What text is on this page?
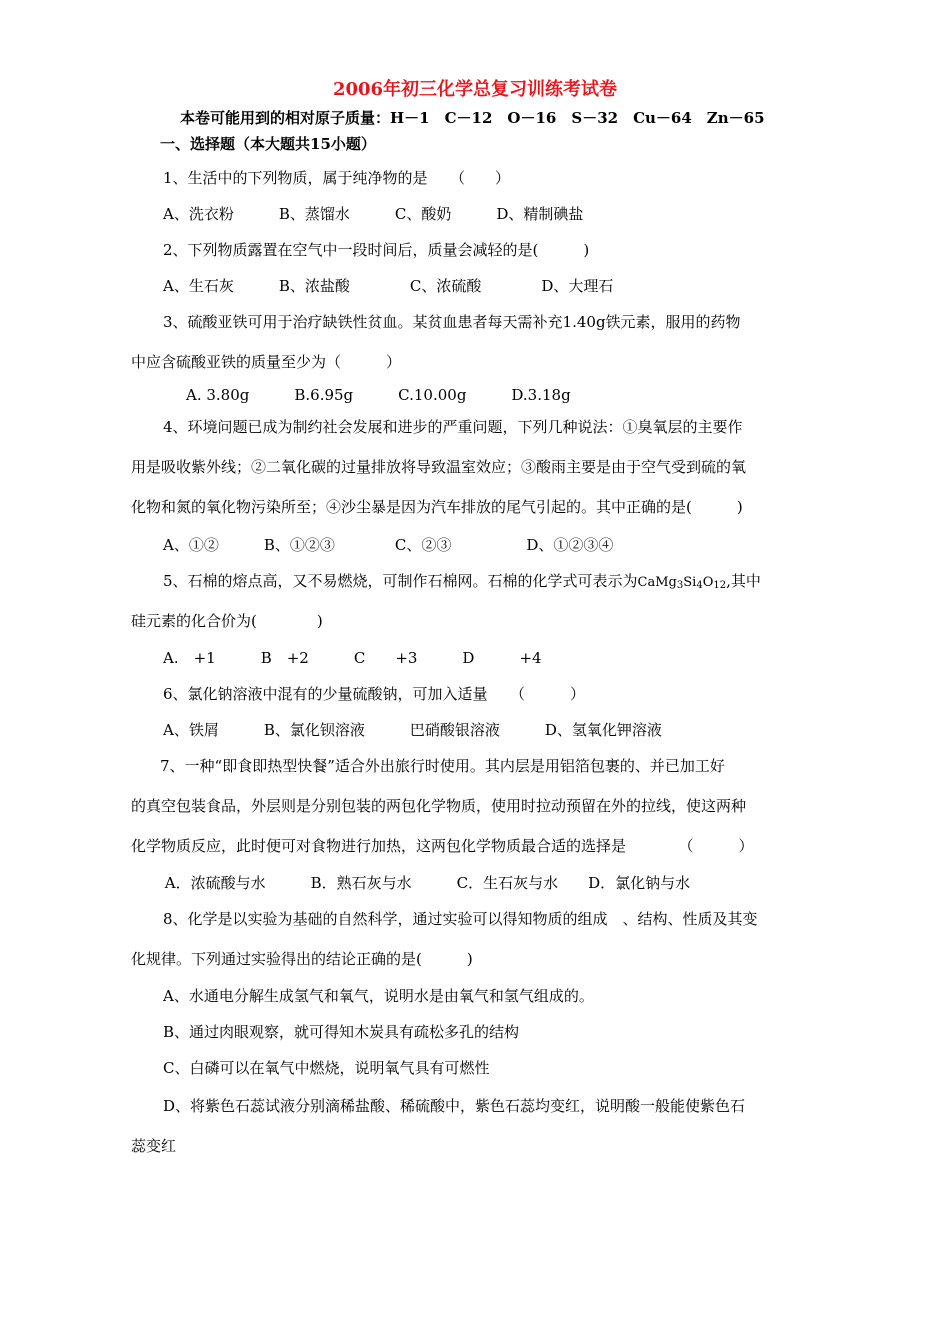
2006年初三化学总复习训练考试卷
本卷可能用到的相对原子质量：H－1　C－12　O－16　S－32　Cu－64　Zn－65
一、选择题（本大题共15小题）
1、生活中的下列物质，属于纯净物的是　　（　　）
A、洗衣粉　　　B、蒸馏水　　　C、酸奶　　　D、精制碘盐
2、下列物质露置在空气中一段时间后，质量会减轻的是(　　　)
A、生石灰　　　B、浓盐酸　　　　C、浓硫酸　　　　D、大理石
3、硫酸亚铁可用于治疗缺铁性贫血。某贫血患者每天需补充1.40g铁元素，服用的药物
中应含硫酸亚铁的质量至少为（　　　）
A. 3.80g　　　B.6.95g　　　C.10.00g　　　D.3.18g
4、环境问题已成为制约社会发展和进步的严重问题，下列几种说法：①臭氧层的主要作
用是吸收紫外线；②二氧化碳的过量排放将导致温室效应；③酸雨主要是由于空气受到硫的氧
化物和氮的氧化物污染所至；④沙尘暴是因为汽车排放的尾气引起的。其中正确的是(　　　)
A、①②　　　B、①②③　　　　C、②③　　　　　D、①②③④
5、石棉的熔点高，又不易燃烧，可制作石棉网。石棉的化学式可表示为$CaMg_3Si_4O_{12}$,其中
硅元素的化合价为(　　　　)
A.　+1　　　B　+2　　　C　　+3　　　D　　　+4
6、氯化钠溶液中混有的少量硫酸钠，可加入适量　　（　　　）
A、铁屑　　　B、氯化钡溶液　　　巴硝酸银溶液　　　D、氢氧化钾溶液
7、一种“即食即热型快餐”适合外出旅行时使用。其内层是用铝箔包裹的、并已加工好
的真空包装食品，外层则是分别包装的两包化学物质，使用时拉动预留在外的拉线，使这两种
化学物质反应，此时便可对食物进行加热，这两包化学物质最合适的选择是　　　　（　　　）
A．浓硫酸与水　　　B．熟石灰与水　　　C．生石灰与水　　D．氯化钠与水
8、化学是以实验为基础的自然科学，通过实验可以得知物质的组成　、结构、性质及其变
化规律。下列通过实验得出的结论正确的是(　　　)
A、水通电分解生成氢气和氧气，说明水是由氧气和氢气组成的。
B、通过肉眼观察，就可得知木炭具有疏松多孔的结构
C、白磷可以在氧气中燃烧，说明氧气具有可燃性
D、将紫色石蕊试液分别滴稀盐酸、稀硫酸中，紫色石蕊均变红，说明酸一般能使紫色石
蕊变红
